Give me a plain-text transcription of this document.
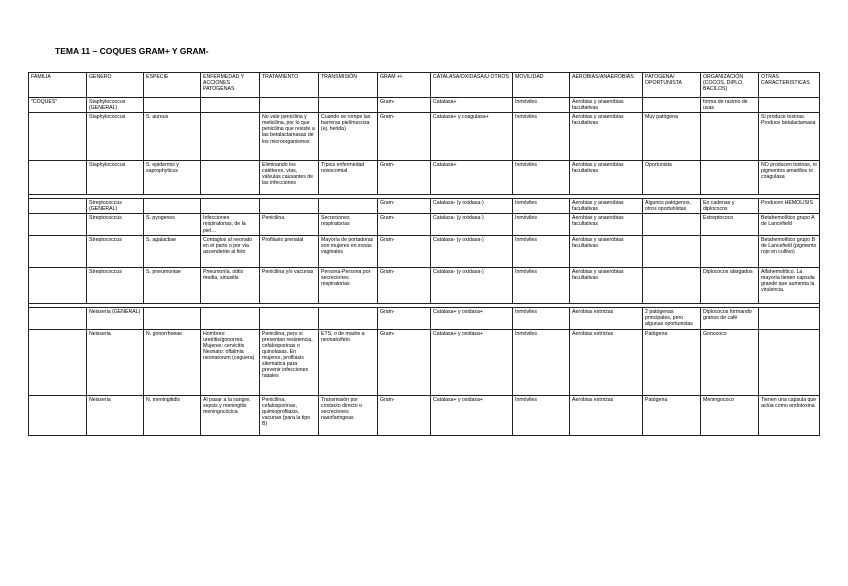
TEMA 11 – COQUES GRAM+ Y GRAM-
FAMILIA	GENERO	ESPECIE	ENFERMEDAD Y ACCIONES PATOGENAS	TRATAMIENTO	TRANSMISIÓN	GRAM +/-	CATALASA/OXIDASA/U OTROS	MOVILIDAD	AEROBIAS/ANAEROBIAS	PATOGENA/ OPORTUNISTA	ORGANIZACIÓN (COCOS, DIPLO, BACILOS)	OTRAS CARACTERISTICAS
"COQUES"	Staphylococcus (GENERAL)					Gram-	Catalasa+	Inmóviles	Aerobias y anaerobias facultativas		forma de racimo de uvas	
	Staphylococcus	S. aureus		No vale penicilina y meticilina, por lo que penicilina que resiste a las betalactamasas de los microorganismos	Cuando se rompe las barreras piel/mucosa (ej. herida)	Gram-	Catalasa+ y coagulasa+	Inmóviles	Aerobias y anaerobias facultativas	Muy patógena		Si produce toxinas. Produce betalactamasa
	Staphylococcus	S. epidermis y saprophyticus		Eliminando los catéteres, vías, válvulas causantes de las infecciones	Típica enfermedad nosocomial	Gram-	Catalasa+	Inmóviles	Aerobias y anaerobias facultativas	Oportunista		NO producen toxinas, ni pigmentos amarillos ni coagulasa

	Streptococcus (GENERAL)					Gram-	Catalasa- (y oxidasa-)	Inmóviles	Aerobias y anaerobias facultativas	Algunos patógenos, otros oportunistas	En cadenas y diplococos	Producen HEMOLISIS
	Streptococcus	S. pyogenes	Infecciones respiratorias, de la piel…	Penicilina	Secreciones respiratorias	Gram-	Catalasa- (y oxidasa-)	Inmóviles	Aerobias y anaerobias facultativas		Estreptococo	Betahemolítico grupo A de Lancefield
	Streptococcus	S. agalactiae	Contagios al neonato en el parto o por via ascendente al feto	Profilaxis prenatal	Mayoría de portadoras son mujeres en zonas vaginales	Gram-	Catalasa- (y oxidasa-)	Inmóviles	Aerobias y anaerobias facultativas			Betahemolítico grupo B de Lancefield (pigmento rojo en cultivo)
	Streptococcus	S. pneumoniae	Pneumonía, otitis media, sinusitis	Penicilina y/o vacunas	Persona-Persona por secreciones respiratorias	Gram-	Catalasa- (y oxidasa-)	Inmóviles	Aerobias y anaerobias facultativas		Diplococos alargados	Alfahemolítico. La mayoría tienen capsula grande que aumenta la virulencia.

	Neisseria (GENERAL)					Gram-	Catalasa+ y oxidasa+	Inmóviles	Aerobias estrictas	2 patógenas principales, pero algunas oportunistas	Diplococos formando granos de café	
	Neisseria	N. gonorrhoeae	Hombres: uretritis/gonorrea. Mujeres: cervicitis Neonato: oftalmia neonatorum (ceguera)	Penicilina, pero si presentan resistencia, cefalosporinas o quinolasas. En mujeres, profilaxis sitematica para prevenir infecciones natales	ETS, o de madre a neonato/feto	Gram-	Catalasa+ y oxidasa+	Inmóviles	Aerobias estrictas	Patógena	Gonococo	
	Neisseria	N. meningitidis	Al pasar a la sangre, sepsis y meningitis meningocócica	Penicilina, cefalosporinas, quimioprofilaxis, vacunas (para la tipo B)	Transmisión por contacto directo o secreciones nasofaringeas	Gram-	Catalasa+ y oxidasa+	Inmóviles	Aerobias estrictas	Patógena	Meningococo	Tienen una capsula que actúa como endotoxina
